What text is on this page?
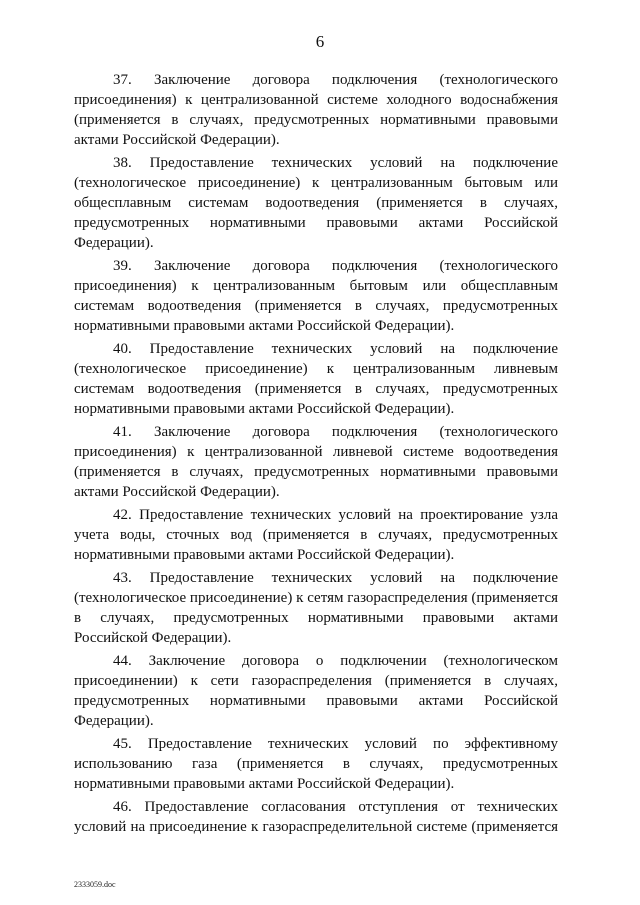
6

37. Заключение договора подключения (технологического присоединения) к централизованной системе холодного водоснабжения (применяется в случаях, предусмотренных нормативными правовыми актами Российской Федерации).

38. Предоставление технических условий на подключение (технологическое присоединение) к централизованным бытовым или общесплавным системам водоотведения (применяется в случаях, предусмотренных нормативными правовыми актами Российской Федерации).

39. Заключение договора подключения (технологического присоединения) к централизованным бытовым или общесплавным системам водоотведения (применяется в случаях, предусмотренных нормативными правовыми актами Российской Федерации).

40. Предоставление технических условий на подключение (технологическое присоединение) к централизованным ливневым системам водоотведения (применяется в случаях, предусмотренных нормативными правовыми актами Российской Федерации).

41. Заключение договора подключения (технологического присоединения) к централизованной ливневой системе водоотведения (применяется в случаях, предусмотренных нормативными правовыми актами Российской Федерации).

42. Предоставление технических условий на проектирование узла учета воды, сточных вод (применяется в случаях, предусмотренных нормативными правовыми актами Российской Федерации).

43. Предоставление технических условий на подключение (технологическое присоединение) к сетям газораспределения (применяется в случаях, предусмотренных нормативными правовыми актами Российской Федерации).

44. Заключение договора о подключении (технологическом присоединении) к сети газораспределения (применяется в случаях, предусмотренных нормативными правовыми актами Российской Федерации).

45. Предоставление технических условий по эффективному использованию газа (применяется в случаях, предусмотренных нормативными правовыми актами Российской Федерации).

46. Предоставление согласования отступления от технических условий на присоединение к газораспределительной системе (применяется

2333059.doc
